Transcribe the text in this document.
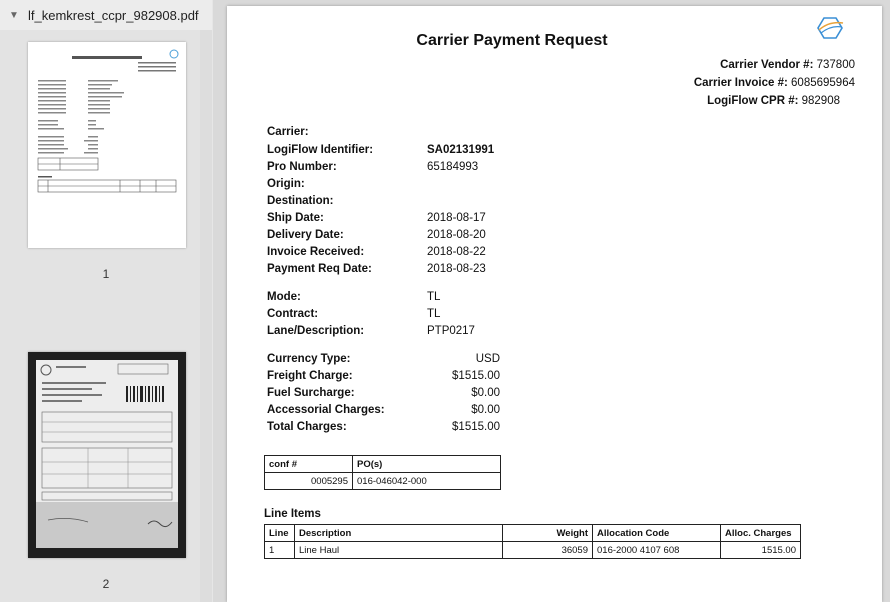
▼ lf_kemkrest_ccpr_982908.pdf
1
2
Carrier Payment Request
Carrier Vendor #: 737800
Carrier Invoice #: 6085695964
LogiFlow CPR #: 982908
Carrier:
LogiFlow Identifier:	SA02131991
Pro Number:	65184993
Origin:
Destination:
Ship Date:	2018-08-17
Delivery Date:	2018-08-20
Invoice Received:	2018-08-22
Payment Req Date:	2018-08-23
Mode:	TL
Contract:	TL
Lane/Description:	PTP0217
Currency Type:	USD
Freight Charge:	$1515.00
Fuel Surcharge:	$0.00
Accessorial Charges:	$0.00
Total Charges:	$1515.00
conf #	PO(s)
0005295	016-046042-000
Line Items
Line	Description	Weight	Allocation Code	Alloc. Charges
1	Line Haul	36059	016-2000 4107 608	1515.00
